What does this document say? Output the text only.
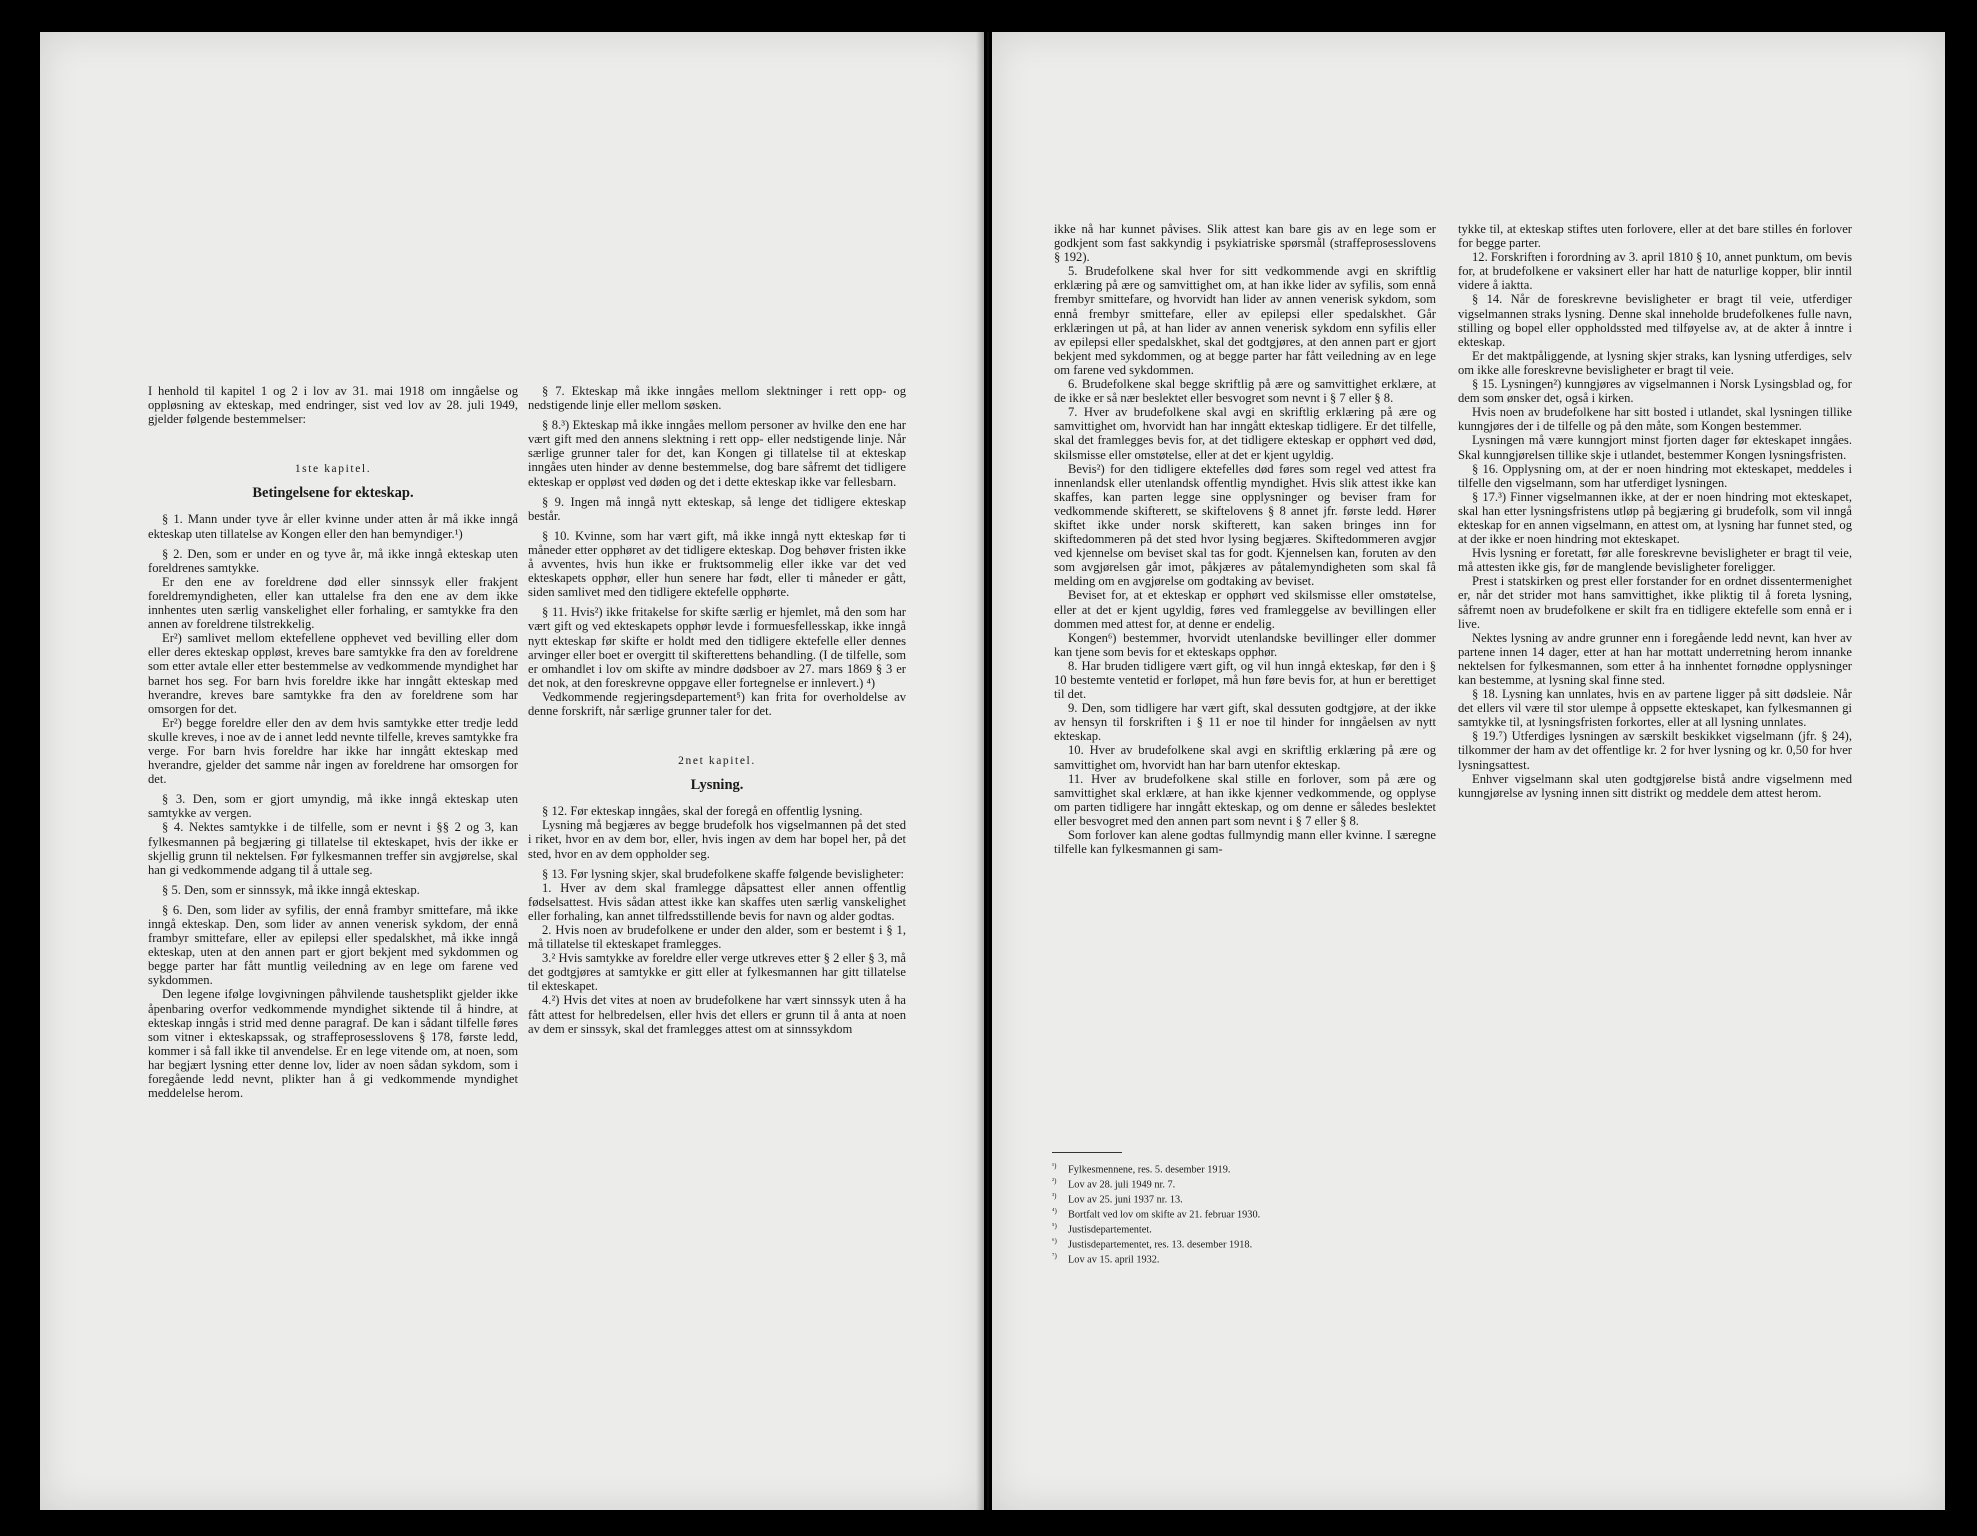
I henhold til kapitel 1 og 2 i lov av 31. mai 1918 om inngåelse og oppløsning av ekteskap, med endringer, sist ved lov av 28. juli 1949, gjelder følgende bestemmelser:

1ste kapitel.
Betingelsene for ekteskap.

§ 1. Mann under tyve år eller kvinne under atten år må ikke inngå ekteskap uten tillatelse av Kongen eller den han bemyndiger.¹)

§ 2. Den, som er under en og tyve år, må ikke inngå ekteskap uten foreldrenes samtykke.

Er den ene av foreldrene død eller sinnssyk eller frakjent foreldremyndigheten, eller kan uttalelse fra den ene av dem ikke innhentes uten særlig vanskelighet eller forhaling, er samtykke fra den annen av foreldrene tilstrekkelig.

Er²) samlivet mellom ektefellene opphevet ved bevilling eller dom eller deres ekteskap oppløst, kreves bare samtykke fra den av foreldrene som etter avtale eller etter bestemmelse av vedkommende myndighet har barnet hos seg. For barn hvis foreldre ikke har inngått ekteskap med hverandre, kreves bare samtykke fra den av foreldrene som har omsorgen for det.

Er²) begge foreldre eller den av dem hvis samtykke etter tredje ledd skulle kreves, i noe av de i annet ledd nevnte tilfelle, kreves samtykke fra verge. For barn hvis foreldre har ikke har inngått ekteskap med hverandre, gjelder det samme når ingen av foreldrene har omsorgen for det.

§ 3. Den, som er gjort umyndig, må ikke inngå ekteskap uten samtykke av vergen.

§ 4. Nektes samtykke i de tilfelle, som er nevnt i §§ 2 og 3, kan fylkesmannen på begjæring gi tillatelse til ekteskapet, hvis der ikke er skjellig grunn til nektelsen. Før fylkesmannen treffer sin avgjørelse, skal han gi vedkommende adgang til å uttale seg.

§ 5. Den, som er sinnssyk, må ikke inngå ekteskap.

§ 6. Den, som lider av syfilis, der ennå frambyr smittefare, må ikke inngå ekteskap. Den, som lider av annen venerisk sykdom, der ennå frambyr smittefare, eller av epilepsi eller spedalskhet, må ikke inngå ekteskap, uten at den annen part er gjort bekjent med sykdommen og begge parter har fått muntlig veiledning av en lege om farene ved sykdommen.

Den legene ifølge lovgivningen påhvilende taushetsplikt gjelder ikke åpenbaring overfor vedkommende myndighet siktende til å hindre, at ekteskap inngås i strid med denne paragraf. De kan i sådant tilfelle føres som vitner i ekteskapssak, og straffeprosesslovens § 178, første ledd, kommer i så fall ikke til anvendelse. Er en lege vitende om, at noen, som har begjært lysning etter denne lov, lider av noen sådan sykdom, som i foregående ledd nevnt, plikter han å gi vedkommende myndighet meddelelse herom.

§ 7. Ekteskap må ikke inngåes mellom slektninger i rett opp- og nedstigende linje eller mellom søsken.

§ 8.³) Ekteskap må ikke inngåes mellom personer av hvilke den ene har vært gift med den annens slektning i rett opp- eller nedstigende linje. Når særlige grunner taler for det, kan Kongen gi tillatelse til at ekteskap inngåes uten hinder av denne bestemmelse, dog bare såfremt det tidligere ekteskap er oppløst ved døden og det i dette ekteskap ikke var fellesbarn.

§ 9. Ingen må inngå nytt ekteskap, så lenge det tidligere ekteskap består.

§ 10. Kvinne, som har vært gift, må ikke inngå nytt ekteskap før ti måneder etter opphøret av det tidligere ekteskap. Dog behøver fristen ikke å avventes, hvis hun ikke er fruktsommelig eller ikke var det ved ekteskapets opphør, eller hun senere har født, eller ti måneder er gått, siden samlivet med den tidligere ektefelle opphørte.

§ 11. Hvis²) ikke fritakelse for skifte særlig er hjemlet, må den som har vært gift og ved ekteskapets opphør levde i formuesfellesskap, ikke inngå nytt ekteskap før skifte er holdt med den tidligere ektefelle eller dennes arvinger eller boet er overgitt til skifterettens behandling. (I de tilfelle, som er omhandlet i lov om skifte av mindre dødsboer av 27. mars 1869 § 3 er det nok, at den foreskrevne oppgave eller fortegnelse er innlevert.) ⁴)

Vedkommende regjeringsdepartement⁵) kan frita for overholdelse av denne forskrift, når særlige grunner taler for det.

2net kapitel.
Lysning.

§ 12. Før ekteskap inngåes, skal der foregå en offentlig lysning.

Lysning må begjæres av begge brudefolk hos vigselmannen på det sted i riket, hvor en av dem bor, eller, hvis ingen av dem har bopel her, på det sted, hvor en av dem oppholder seg.

§ 13. Før lysning skjer, skal brudefolkene skaffe følgende bevisligheter:

1. Hver av dem skal framlegge dåpsattest eller annen offentlig fødselsattest. Hvis sådan attest ikke kan skaffes uten særlig vanskelighet eller forhaling, kan annet tilfredsstillende bevis for navn og alder godtas.

2. Hvis noen av brudefolkene er under den alder, som er bestemt i § 1, må tillatelse til ekteskapet framlegges.

3.² Hvis samtykke av foreldre eller verge utkreves etter § 2 eller § 3, må det godtgjøres at samtykke er gitt eller at fylkesmannen har gitt tillatelse til ekteskapet.

4.²) Hvis det vites at noen av brudefolkene har vært sinnssyk uten å ha fått attest for helbredelsen, eller hvis det ellers er grunn til å anta at noen av dem er sinssyk, skal det framlegges attest om at sinnssykdom

ikke nå har kunnet påvises. Slik attest kan bare gis av en lege som er godkjent som fast sakkyndig i psykiatriske spørsmål (straffeprosesslovens § 192).

5. Brudefolkene skal hver for sitt vedkommende avgi en skriftlig erklæring på ære og samvittighet om, at han ikke lider av syfilis, som ennå frembyr smittefare, og hvorvidt han lider av annen venerisk sykdom, som ennå frembyr smittefare, eller av epilepsi eller spedalskhet. Går erklæringen ut på, at han lider av annen venerisk sykdom enn syfilis eller av epilepsi eller spedalskhet, skal det godtgjøres, at den annen part er gjort bekjent med sykdommen, og at begge parter har fått veiledning av en lege om farene ved sykdommen.

6. Brudefolkene skal begge skriftlig på ære og samvittighet erklære, at de ikke er så nær beslektet eller besvogret som nevnt i § 7 eller § 8.

7. Hver av brudefolkene skal avgi en skriftlig erklæring på ære og samvittighet om, hvorvidt han har inngått ekteskap tidligere. Er det tilfelle, skal det framlegges bevis for, at det tidligere ekteskap er opphørt ved død, skilsmisse eller omstøtelse, eller at det er kjent ugyldig.

Bevis²) for den tidligere ektefelles død føres som regel ved attest fra innenlandsk eller utenlandsk offentlig myndighet. Hvis slik attest ikke kan skaffes, kan parten legge sine opplysninger og beviser fram for vedkommende skifterett, se skiftelovens § 8 annet jfr. første ledd. Hører skiftet ikke under norsk skifterett, kan saken bringes inn for skiftedommeren på det sted hvor lysing begjæres. Skiftedommeren avgjør ved kjennelse om beviset skal tas for godt. Kjennelsen kan, foruten av den som avgjørelsen går imot, påkjæres av påtalemyndigheten som skal få melding om en avgjørelse om godtaking av beviset.

Beviset for, at et ekteskap er opphørt ved skilsmisse eller omstøtelse, eller at det er kjent ugyldig, føres ved framleggelse av bevillingen eller dommen med attest for, at denne er endelig.

Kongen⁶) bestemmer, hvorvidt utenlandske bevillinger eller dommer kan tjene som bevis for et ekteskaps opphør.

8. Har bruden tidligere vært gift, og vil hun inngå ekteskap, før den i § 10 bestemte ventetid er forløpet, må hun føre bevis for, at hun er berettiget til det.

9. Den, som tidligere har vært gift, skal dessuten godtgjøre, at der ikke av hensyn til forskriften i § 11 er noe til hinder for inngåelsen av nytt ekteskap.

10. Hver av brudefolkene skal avgi en skriftlig erklæring på ære og samvittighet om, hvorvidt han har barn utenfor ekteskap.

11. Hver av brudefolkene skal stille en forlover, som på ære og samvittighet skal erklære, at han ikke kjenner vedkommende, og opplyse om parten tidligere har inngått ekteskap, og om denne er således beslektet eller besvogret med den annen part som nevnt i § 7 eller § 8.

Som forlover kan alene godtas fullmyndig mann eller kvinne. I særegne tilfelle kan fylkesmannen gi sam-

$^{^1)}$ Fylkesmennene, res. 5. desember 1919.
$^{^2)}$ Lov av 28. juli 1949 nr. 7.
$^{^3)}$ Lov av 25. juni 1937 nr. 13.
$^{^4)}$ Bortfalt ved lov om skifte av 21. februar 1930.
$^{^5)}$ Justisdepartementet.
$^{^6)}$ Justisdepartementet, res. 13. desember 1918.
$^{^7)}$ Lov av 15. april 1932.

tykke til, at ekteskap stiftes uten forlovere, eller at det bare stilles én forlover for begge parter.

12. Forskriften i forordning av 3. april 1810 § 10, annet punktum, om bevis for, at brudefolkene er vaksinert eller har hatt de naturlige kopper, blir inntil videre å iaktta.

§ 14. Når de foreskrevne bevisligheter er bragt til veie, utferdiger vigselmannen straks lysning. Denne skal inneholde brudefolkenes fulle navn, stilling og bopel eller oppholdssted med tilføyelse av, at de akter å inntre i ekteskap.

Er det maktpåliggende, at lysning skjer straks, kan lysning utferdiges, selv om ikke alle foreskrevne bevisligheter er bragt til veie.

§ 15. Lysningen²) kunngjøres av vigselmannen i Norsk Lysingsblad og, for dem som ønsker det, også i kirken.

Hvis noen av brudefolkene har sitt bosted i utlandet, skal lysningen tillike kunngjøres der i de tilfelle og på den måte, som Kongen bestemmer.

Lysningen må være kunngjort minst fjorten dager før ekteskapet inngåes. Skal kunngjørelsen tillike skje i utlandet, bestemmer Kongen lysningsfristen.

§ 16. Opplysning om, at der er noen hindring mot ekteskapet, meddeles i tilfelle den vigselmann, som har utferdiget lysningen.

§ 17.³) Finner vigselmannen ikke, at der er noen hindring mot ekteskapet, skal han etter lysningsfristens utløp på begjæring gi brudefolk, som vil inngå ekteskap for en annen vigselmann, en attest om, at lysning har funnet sted, og at der ikke er noen hindring mot ekteskapet.

Hvis lysning er foretatt, før alle foreskrevne bevisligheter er bragt til veie, må attesten ikke gis, før de manglende bevisligheter foreligger.

Prest i statskirken og prest eller forstander for en ordnet dissentermenighet er, når det strider mot hans samvittighet, ikke pliktig til å foreta lysning, såfremt noen av brudefolkene er skilt fra en tidligere ektefelle som ennå er i live.

Nektes lysning av andre grunner enn i foregående ledd nevnt, kan hver av partene innen 14 dager, etter at han har mottatt underretning herom innanke nektelsen for fylkesmannen, som etter å ha innhentet fornødne opplysninger kan bestemme, at lysning skal finne sted.

§ 18. Lysning kan unnlates, hvis en av partene ligger på sitt dødsleie. Når det ellers vil være til stor ulempe å oppsette ekteskapet, kan fylkesmannen gi samtykke til, at lysningsfristen forkortes, eller at all lysning unnlates.

§ 19.⁷) Utferdiges lysningen av særskilt beskikket vigselmann (jfr. § 24), tilkommer der ham av det offentlige kr. 2 for hver lysning og kr. 0,50 for hver lysningsattest.

Enhver vigselmann skal uten godtgjørelse bistå andre vigselmenn med kunngjørelse av lysning innen sitt distrikt og meddele dem attest herom.
